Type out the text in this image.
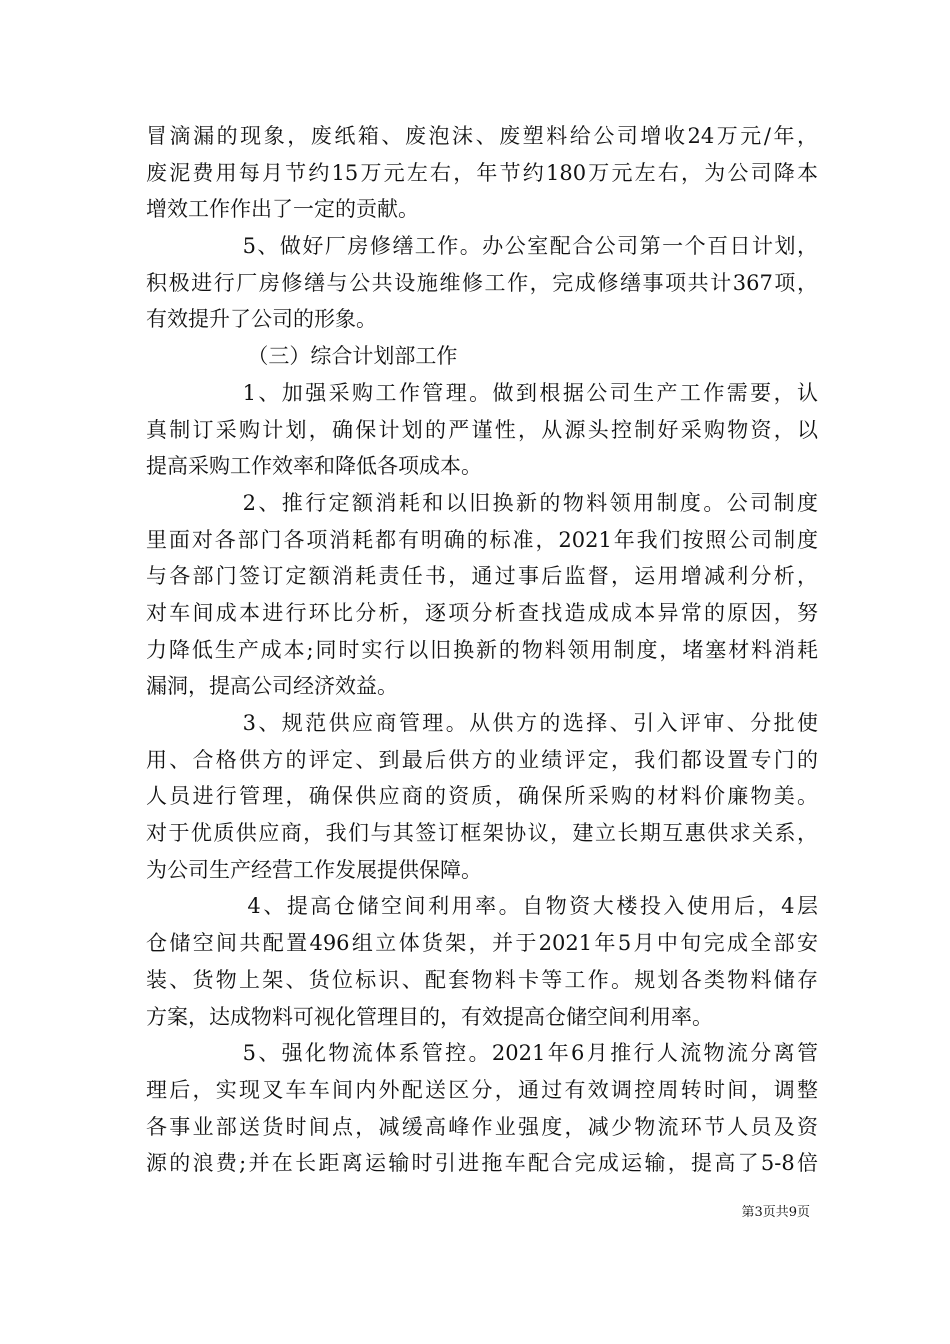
冒滴漏的现象，废纸箱、废泡沫、废塑料给公司增收24万元/年，
废泥费用每月节约15万元左右，年节约180万元左右，为公司降本
增效工作作出了一定的贡献。
5、做好厂房修缮工作。办公室配合公司第一个百日计划，
积极进行厂房修缮与公共设施维修工作，完成修缮事项共计367项，
有效提升了公司的形象。
（三）综合计划部工作
1、加强采购工作管理。做到根据公司生产工作需要，认
真制订采购计划，确保计划的严谨性，从源头控制好采购物资，以
提高采购工作效率和降低各项成本。
2、推行定额消耗和以旧换新的物料领用制度。公司制度
里面对各部门各项消耗都有明确的标准，2021年我们按照公司制度
与各部门签订定额消耗责任书，通过事后监督，运用增减利分析，
对车间成本进行环比分析，逐项分析查找造成成本异常的原因，努
力降低生产成本;同时实行以旧换新的物料领用制度，堵塞材料消耗
漏洞，提高公司经济效益。
3、规范供应商管理。从供方的选择、引入评审、分批使
用、合格供方的评定、到最后供方的业绩评定，我们都设置专门的
人员进行管理，确保供应商的资质，确保所采购的材料价廉物美。
对于优质供应商，我们与其签订框架协议，建立长期互惠供求关系，
为公司生产经营工作发展提供保障。
4、提高仓储空间利用率。自物资大楼投入使用后，4层
仓储空间共配置496组立体货架，并于2021年5月中旬完成全部安
装、货物上架、货位标识、配套物料卡等工作。规划各类物料储存
方案，达成物料可视化管理目的，有效提高仓储空间利用率。
5、强化物流体系管控。2021年6月推行人流物流分离管
理后，实现叉车车间内外配送区分，通过有效调控周转时间，调整
各事业部送货时间点，减缓高峰作业强度，减少物流环节人员及资
源的浪费;并在长距离运输时引进拖车配合完成运输，提高了5-8倍
第3页共9页
